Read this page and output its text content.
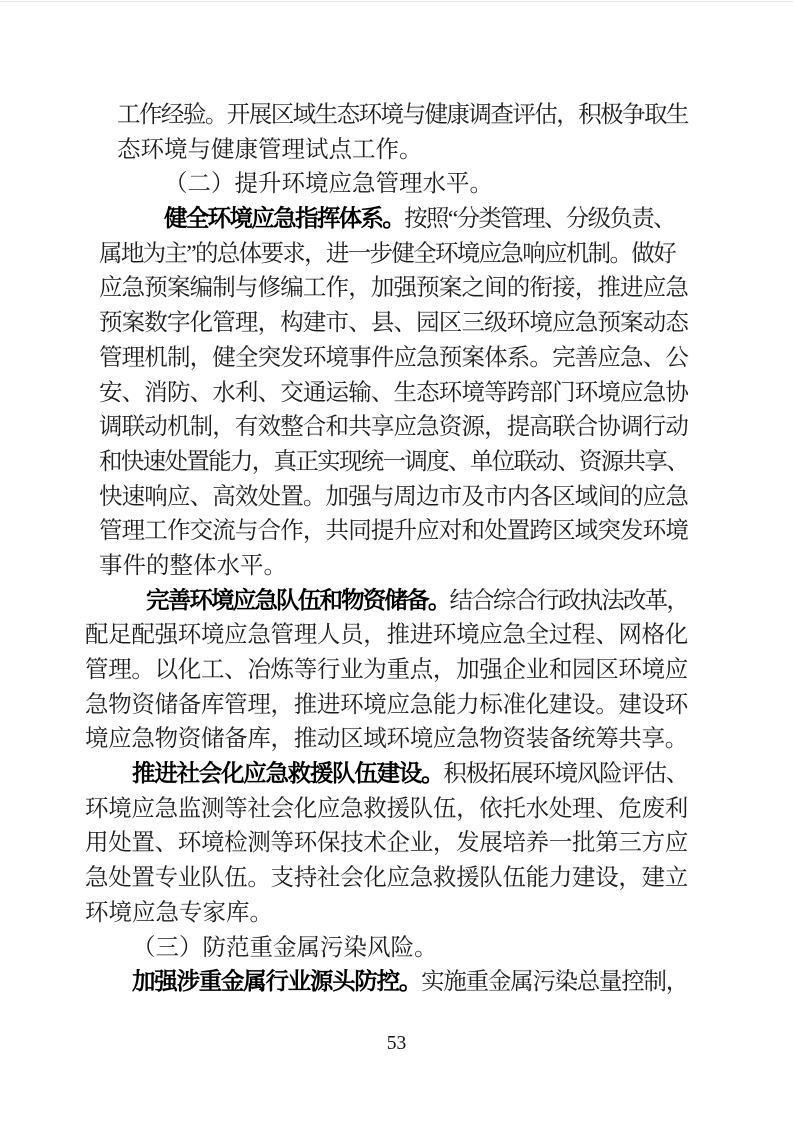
工作经验。开展区域生态环境与健康调查评估，积极争取生
态环境与健康管理试点工作。
（二）提升环境应急管理水平。
健全环境应急指挥体系。按照“分类管理、分级负责、
属地为主”的总体要求，进一步健全环境应急响应机制。做好
应急预案编制与修编工作，加强预案之间的衔接，推进应急
预案数字化管理，构建市、县、园区三级环境应急预案动态
管理机制，健全突发环境事件应急预案体系。完善应急、公
安、消防、水利、交通运输、生态环境等跨部门环境应急协
调联动机制，有效整合和共享应急资源，提高联合协调行动
和快速处置能力，真正实现统一调度、单位联动、资源共享、
快速响应、高效处置。加强与周边市及市内各区域间的应急
管理工作交流与合作，共同提升应对和处置跨区域突发环境
事件的整体水平。
完善环境应急队伍和物资储备。结合综合行政执法改革，
配足配强环境应急管理人员，推进环境应急全过程、网格化
管理。以化工、冶炼等行业为重点，加强企业和园区环境应
急物资储备库管理，推进环境应急能力标准化建设。建设环
境应急物资储备库，推动区域环境应急物资装备统筹共享。
推进社会化应急救援队伍建设。积极拓展环境风险评估、
环境应急监测等社会化应急救援队伍，依托水处理、危废利
用处置、环境检测等环保技术企业，发展培养一批第三方应
急处置专业队伍。支持社会化应急救援队伍能力建设，建立
环境应急专家库。
（三）防范重金属污染风险。
加强涉重金属行业源头防控。实施重金属污染总量控制，
53
